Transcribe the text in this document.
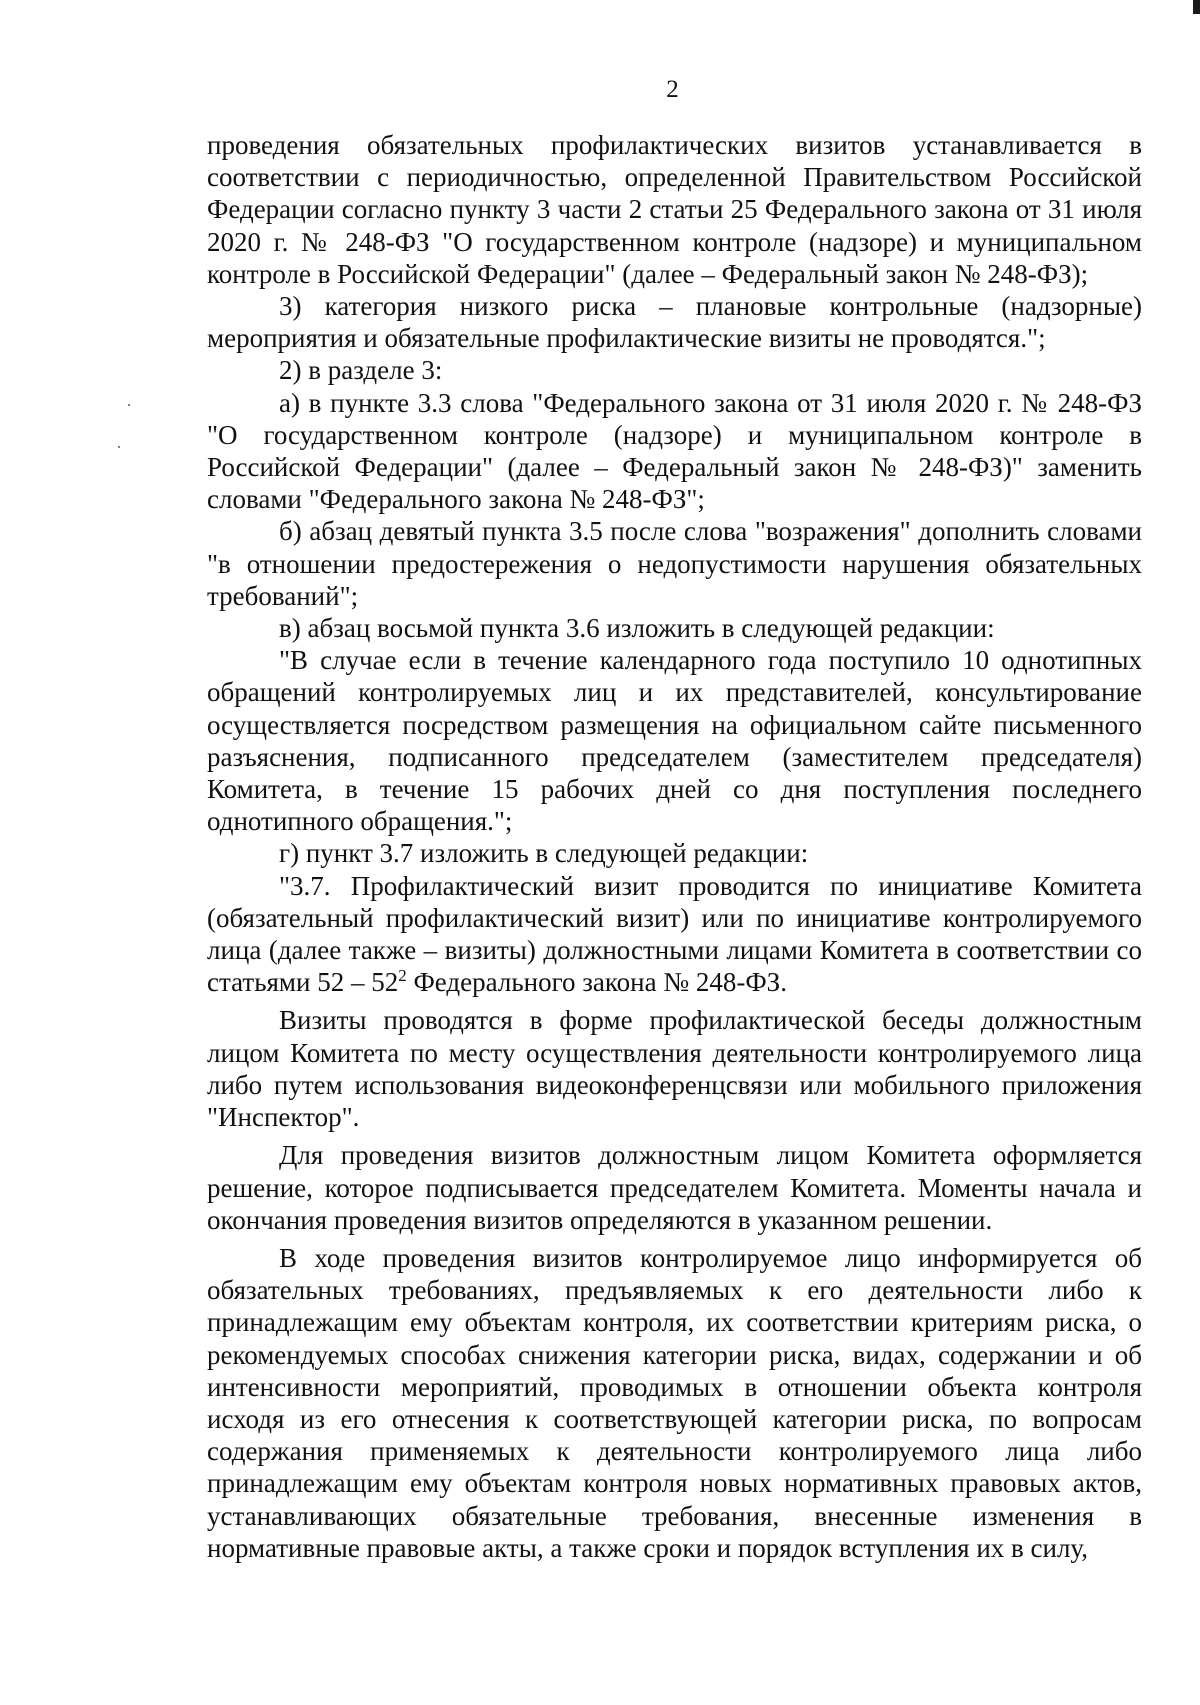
2

проведения обязательных профилактических визитов устанавливается в соответствии с периодичностью, определенной Правительством Российской Федерации согласно пункту 3 части 2 статьи 25 Федерального закона от 31 июля 2020 г. № 248-ФЗ "О государственном контроле (надзоре) и муниципальном контроле в Российской Федерации" (далее – Федеральный закон № 248-ФЗ);

3) категория низкого риска – плановые контрольные (надзорные) мероприятия и обязательные профилактические визиты не проводятся.";

2) в разделе 3:

а) в пункте 3.3 слова "Федерального закона от 31 июля 2020 г. № 248-ФЗ "О государственном контроле (надзоре) и муниципальном контроле в Российской Федерации" (далее – Федеральный закон № 248-ФЗ)" заменить словами "Федерального закона № 248-ФЗ";

б) абзац девятый пункта 3.5 после слова "возражения" дополнить словами "в отношении предостережения о недопустимости нарушения обязательных требований";

в) абзац восьмой пункта 3.6 изложить в следующей редакции:

"В случае если в течение календарного года поступило 10 однотипных обращений контролируемых лиц и их представителей, консультирование осуществляется посредством размещения на официальном сайте письменного разъяснения, подписанного председателем (заместителем председателя) Комитета, в течение 15 рабочих дней со дня поступления последнего однотипного обращения.";

г) пункт 3.7 изложить в следующей редакции:

"3.7. Профилактический визит проводится по инициативе Комитета (обязательный профилактический визит) или по инициативе контролируемого лица (далее также – визиты) должностными лицами Комитета в соответствии со статьями $52 - 52^2$ Федерального закона № 248-ФЗ.

Визиты проводятся в форме профилактической беседы должностным лицом Комитета по месту осуществления деятельности контролируемого лица либо путем использования видеоконференцсвязи или мобильного приложения "Инспектор".

Для проведения визитов должностным лицом Комитета оформляется решение, которое подписывается председателем Комитета. Моменты начала и окончания проведения визитов определяются в указанном решении.

В ходе проведения визитов контролируемое лицо информируется об обязательных требованиях, предъявляемых к его деятельности либо к принадлежащим ему объектам контроля, их соответствии критериям риска, о рекомендуемых способах снижения категории риска, видах, содержании и об интенсивности мероприятий, проводимых в отношении объекта контроля исходя из его отнесения к соответствующей категории риска, по вопросам содержания применяемых к деятельности контролируемого лица либо принадлежащим ему объектам контроля новых нормативных правовых актов, устанавливающих обязательные требования, внесенные изменения в нормативные правовые акты, а также сроки и порядок вступления их в силу,
